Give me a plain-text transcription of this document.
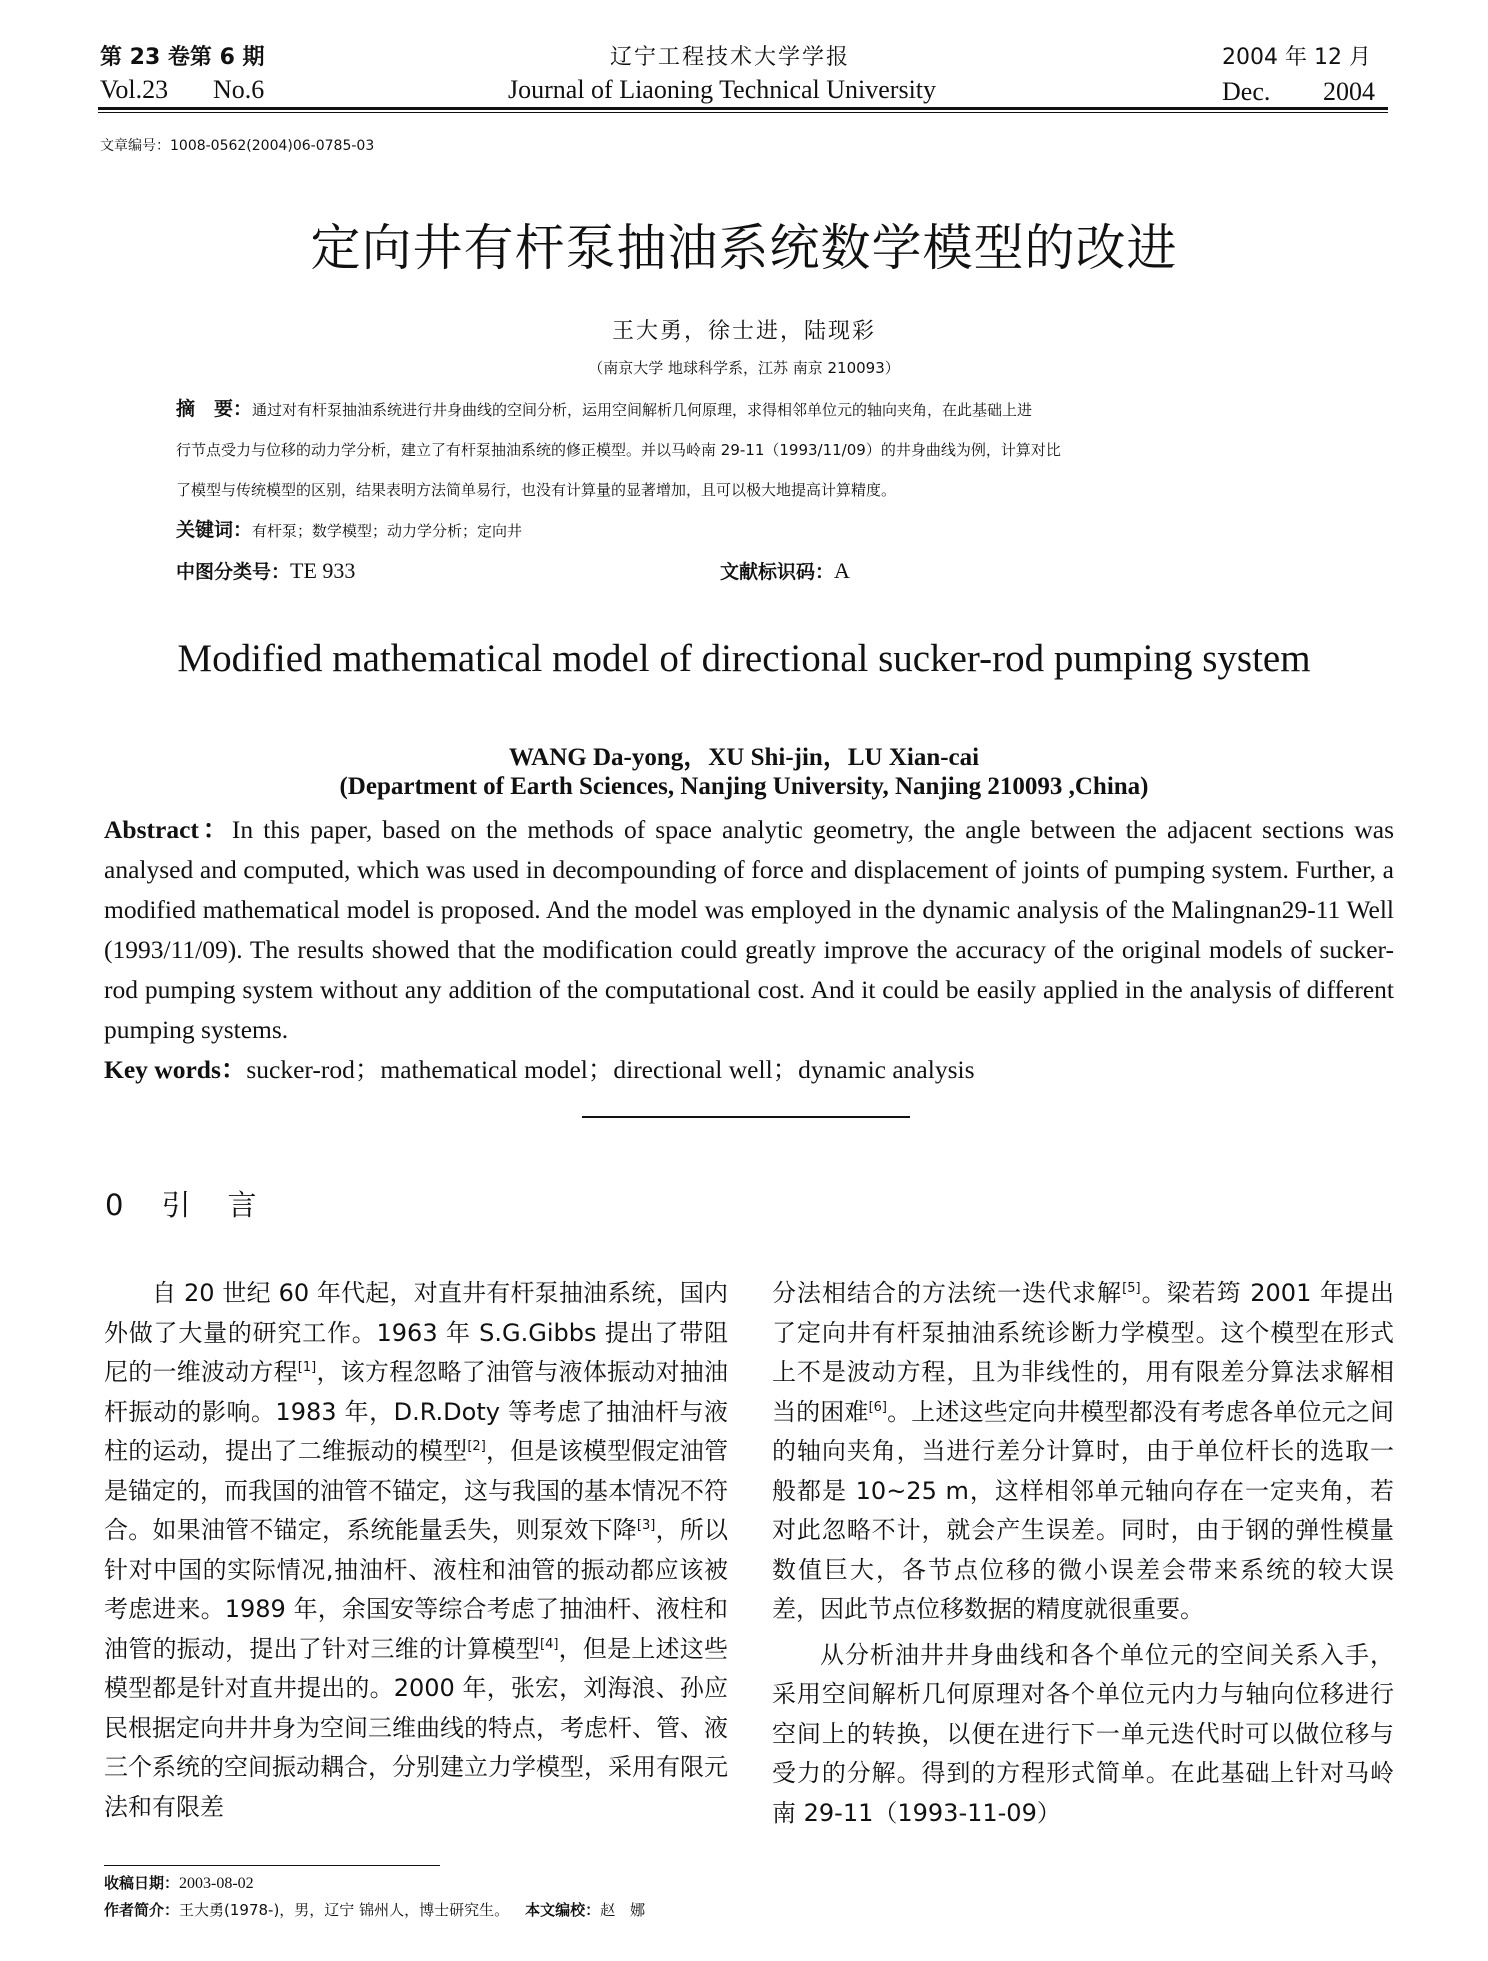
第 23 卷第 6 期
Vol.23 No.6
辽宁工程技术大学学报
Journal of Liaoning Technical University
2004 年 12 月
Dec. 2004
文章编号：1008-0562(2004)06-0785-03
定向井有杆泵抽油系统数学模型的改进
王大勇，徐士进，陆现彩
（南京大学 地球科学系，江苏 南京 210093）
摘　要：通过对有杆泵抽油系统进行井身曲线的空间分析，运用空间解析几何原理，求得相邻单位元的轴向夹角，在此基础上进
行节点受力与位移的动力学分析，建立了有杆泵抽油系统的修正模型。并以马岭南 29-11（1993/11/09）的井身曲线为例，计算对比
了模型与传统模型的区别，结果表明方法简单易行，也没有计算量的显著增加，且可以极大地提高计算精度。
关键词：有杆泵；数学模型；动力学分析；定向井
中图分类号：TE 933	文献标识码：A
Modified mathematical model of directional sucker-rod pumping system
WANG Da-yong，XU Shi-jin，LU Xian-cai
(Department of Earth Sciences, Nanjing University, Nanjing 210093 ,China)
Abstract：In this paper, based on the methods of space analytic geometry, the angle between the adjacent sections was analysed and computed, which was used in decompounding of force and displacement of joints of pumping system. Further, a modified mathematical model is proposed. And the model was employed in the dynamic analysis of the Malingnan29-11 Well (1993/11/09). The results showed that the modification could greatly improve the accuracy of the original models of sucker-rod pumping system without any addition of the computational cost. And it could be easily applied in the analysis of different pumping systems.
Key words：sucker-rod；mathematical model；directional well；dynamic analysis
0 引　言
自 20 世纪 60 年代起，对直井有杆泵抽油系统，国内外做了大量的研究工作。1963 年 S.G.Gibbs 提出了带阻尼的一维波动方程[1]，该方程忽略了油管与液体振动对抽油杆振动的影响。1983 年，D.R.Doty 等考虑了抽油杆与液柱的运动，提出了二维振动的模型[2]，但是该模型假定油管是锚定的，而我国的油管不锚定，这与我国的基本情况不符合。如果油管不锚定，系统能量丢失，则泵效下降[3]，所以针对中国的实际情况,抽油杆、液柱和油管的振动都应该被考虑进来。1989 年，余国安等综合考虑了抽油杆、液柱和油管的振动，提出了针对三维的计算模型[4]，但是上述这些模型都是针对直井提出的。2000 年，张宏，刘海浪、孙应民根据定向井井身为空间三维曲线的特点，考虑杆、管、液三个系统的空间振动耦合，分别建立力学模型，采用有限元法和有限差
分法相结合的方法统一迭代求解[5]。梁若筠 2001 年提出了定向井有杆泵抽油系统诊断力学模型。这个模型在形式上不是波动方程，且为非线性的，用有限差分算法求解相当的困难[6]。上述这些定向井模型都没有考虑各单位元之间的轴向夹角，当进行差分计算时，由于单位杆长的选取一般都是 10~25 m，这样相邻单元轴向存在一定夹角，若对此忽略不计，就会产生误差。同时，由于钢的弹性模量数值巨大，各节点位移的微小误差会带来系统的较大误差，因此节点位移数据的精度就很重要。
从分析油井井身曲线和各个单位元的空间关系入手，采用空间解析几何原理对各个单位元内力与轴向位移进行空间上的转换，以便在进行下一单元迭代时可以做位移与受力的分解。得到的方程形式简单。在此基础上针对马岭南 29-11（1993-11-09）
收稿日期：2003-08-02
作者简介：王大勇(1978-)，男，辽宁 锦州人，博士研究生。 本文编校：赵　娜
